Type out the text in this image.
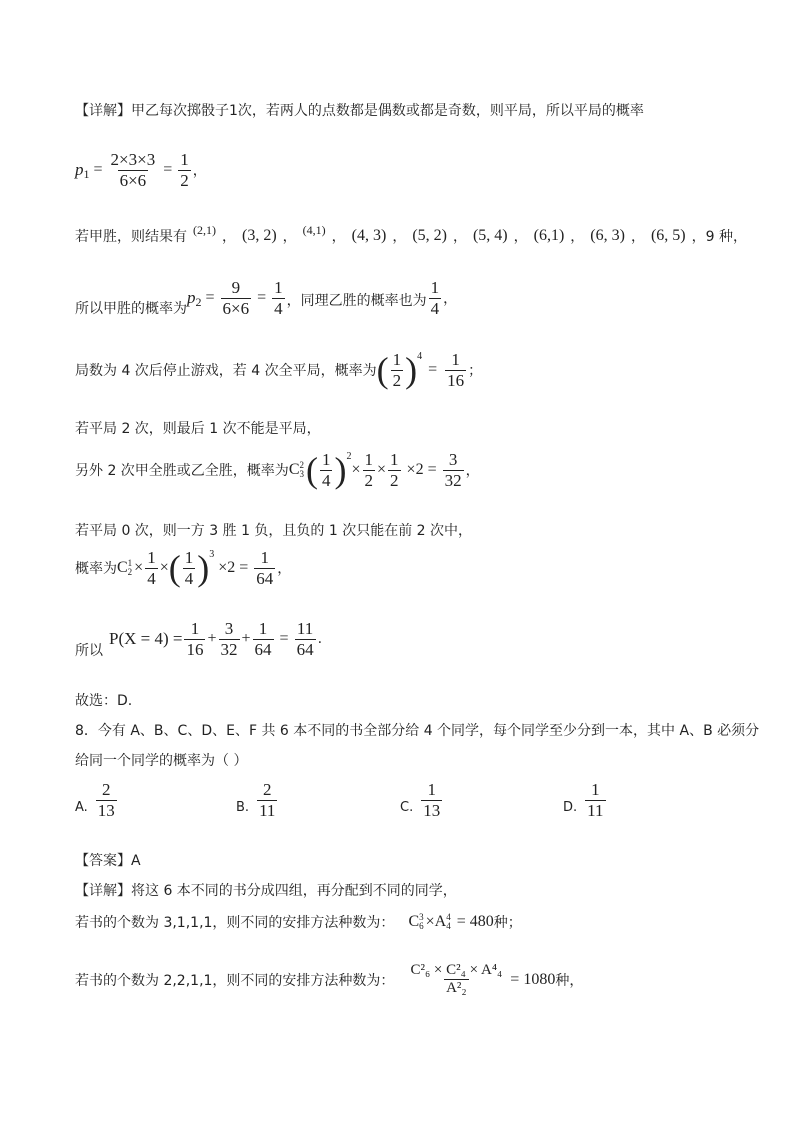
【详解】甲乙每次掷骰子1次，若两人的点数都是偶数或都是奇数，则平局，所以平局的概率
p $1 = \frac{2\times 3\times 3}{6\times 6} = \frac{1}{2}$ ，
若甲胜，则结果有 (2,1) ， (3, 2) ， (4,1) ， (4, 3) ， (5, 2) ， (5, 4) ， (6,1) ， (6, 3) ， (6, 5) ，9 种，
所以甲胜的概率为
p $2 = \frac{9}{6\times 6} = \frac{1}{4}$ ，同理乙胜的概率也为 $\frac{1}{4}$ ，
局数为 4 次后停止游戏，若 4 次全平局，概率为 ( $\frac{1}{2}$ ) 4
= $\frac{1}{16}$ ；
若平局 2 次，则最后 1 次不能是平局，
另外 2 次甲全胜或乙全胜，概率为 C 2
3 ( $\frac{1}{4}$ ) 2
× $\frac{1}{2} \times \frac{1}{2} \times 2 = \frac{3}{32}$ ，
若平局 0 次，则一方 3 胜 1 负，且负的 1 次只能在前 2 次中，
概率为 C 1
$2 \times \frac{1}{4}$ × ( $\frac{1}{4}$ ) 3
$\times 2 = \frac{1}{64}$ ，
所以
$P(X = 4) = \frac{1}{16} + \frac{3}{32} + \frac{1}{64} = \frac{11}{64}$ .
故选：D.
8．今有 A、B、C、D、E、F 共 6 本不同的书全部分给 4 个同学，每个同学至少分到一本，其中 A、B 必须分
给同一个同学的概率为（ ）
A. $\frac{2}{13}$	B. $\frac{2}{11}$	C. $\frac{1}{13}$	D. $\frac{1}{11}$
【答案】A
【详解】将这 6 本不同的书分成四组，再分配到不同的同学，
若书的个数为 3,1,1,1，则不同的安排方法种数为： C 3
6 ×A 4
4 = 480 种；
若书的个数为 2,2,1,1，则不同的安排方法种数为： $\frac{\text{C²₆ × C²₄ × A⁴₄}}{\text{A²₂}} = 1080$ 种，
